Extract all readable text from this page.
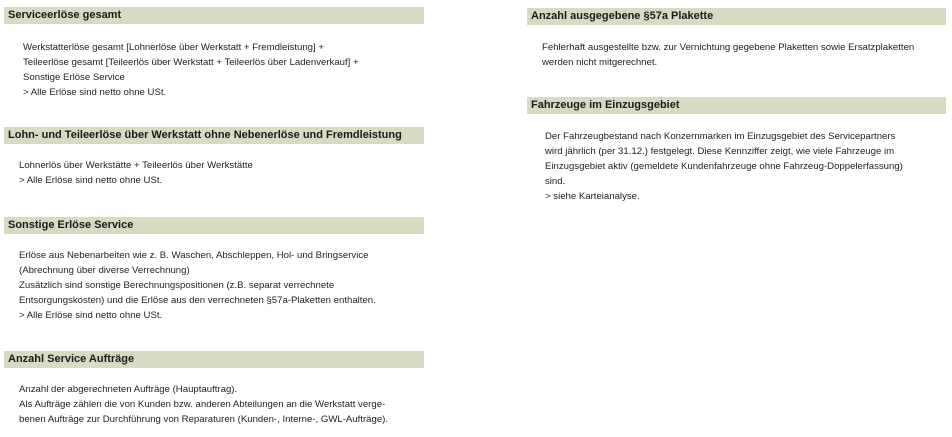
Serviceerlöse gesamt
Werkstatterlöse gesamt [Lohnerlöse über Werkstatt + Fremdleistung] +
Teileerlöse gesamt [Teileerlös über Werkstatt + Teileerlös über Ladenverkauf] +
Sonstige Erlöse Service
> Alle Erlöse sind netto ohne USt.
Lohn- und Teileerlöse über Werkstatt ohne Nebenerlöse und Fremdleistung
Lohnerlös über Werkstätte + Teileerlös über Werkstätte
> Alle Erlöse sind netto ohne USt.
Sonstige Erlöse Service
Erlöse aus Nebenarbeiten wie z. B. Waschen, Abschleppen, Hol- und Bringservice
(Abrechnung über diverse Verrechnung)
Zusätzlich sind sonstige Berechnungspositionen (z.B. separat verrechnete
Entsorgungskosten) und die Erlöse aus den verrechneten §57a-Plaketten enthalten.
> Alle Erlöse sind netto ohne USt.
Anzahl Service Aufträge
Anzahl der abgerechneten Aufträge (Hauptauftrag).
Als Aufträge zählen die von Kunden bzw. anderen Abteilungen an die Werkstatt verge-
benen Aufträge zur Durchführung von Reparaturen (Kunden-, Interne-, GWL-Aufträge).
Anzahl ausgegebene §57a Plakette
Fehlerhaft ausgestellte bzw. zur Vernichtung gegebene Plaketten sowie Ersatzplaketten
werden nicht mitgerechnet.
Fahrzeuge im Einzugsgebiet
Der Fahrzeugbestand nach Konzernmarken im Einzugsgebiet des Servicepartners
wird jährlich (per 31.12.) festgelegt. Diese Kennziffer zeigt, wie viele Fahrzeuge im
Einzugsgebiet aktiv (gemeldete Kundenfahrzeuge ohne Fahrzeug-Doppelerfassung)
sind.
> siehe Karteianalyse.
